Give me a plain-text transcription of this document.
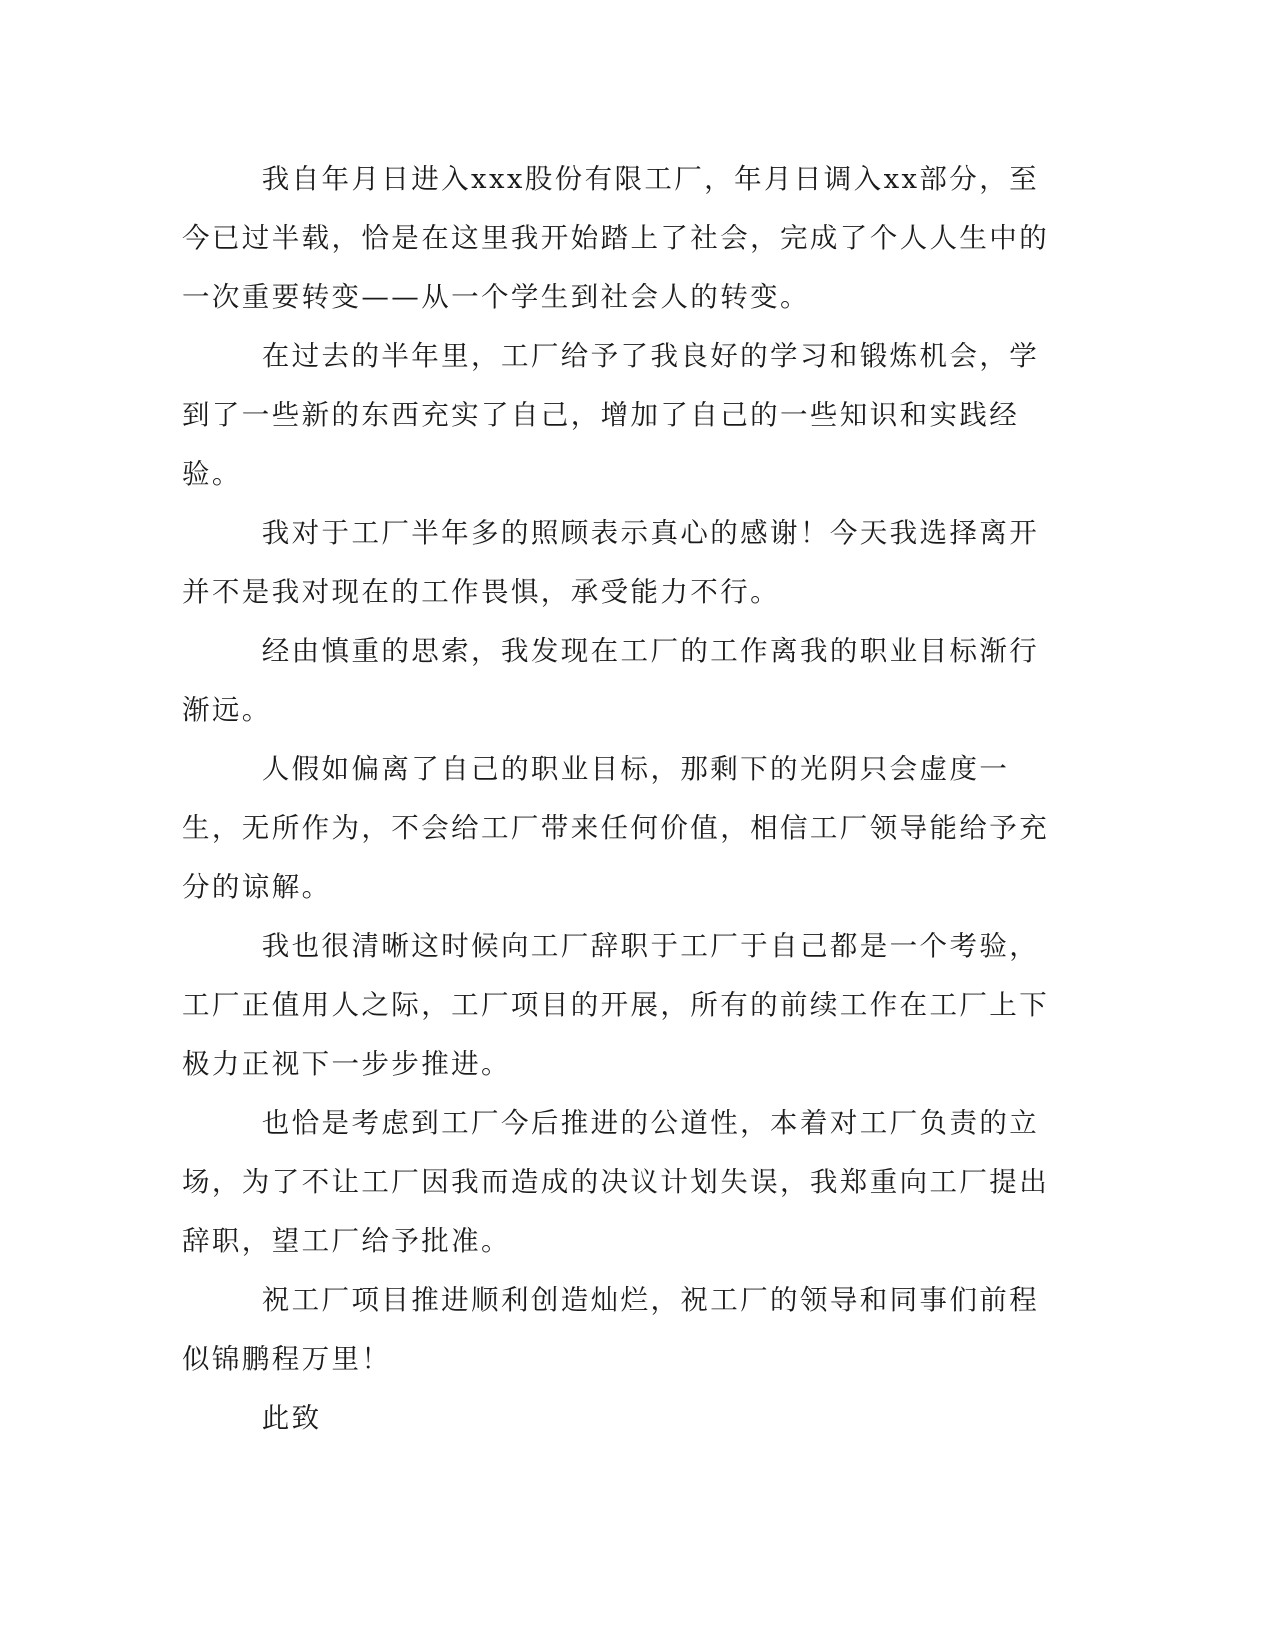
我自年月日进入xxx股份有限工厂，年月日调入xx部分，至今已过半载，恰是在这里我开始踏上了社会，完成了个人人生中的一次重要转变——从一个学生到社会人的转变。

在过去的半年里，工厂给予了我良好的学习和锻炼机会，学到了一些新的东西充实了自己，增加了自己的一些知识和实践经验。

我对于工厂半年多的照顾表示真心的感谢！今天我选择离开并不是我对现在的工作畏惧，承受能力不行。

经由慎重的思索，我发现在工厂的工作离我的职业目标渐行渐远。

人假如偏离了自己的职业目标，那剩下的光阴只会虚度一生，无所作为，不会给工厂带来任何价值，相信工厂领导能给予充分的谅解。

我也很清晰这时候向工厂辞职于工厂于自己都是一个考验，工厂正值用人之际，工厂项目的开展，所有的前续工作在工厂上下极力正视下一步步推进。

也恰是考虑到工厂今后推进的公道性，本着对工厂负责的立场，为了不让工厂因我而造成的决议计划失误，我郑重向工厂提出辞职，望工厂给予批准。

祝工厂项目推进顺利创造灿烂，祝工厂的领导和同事们前程似锦鹏程万里！

此致
